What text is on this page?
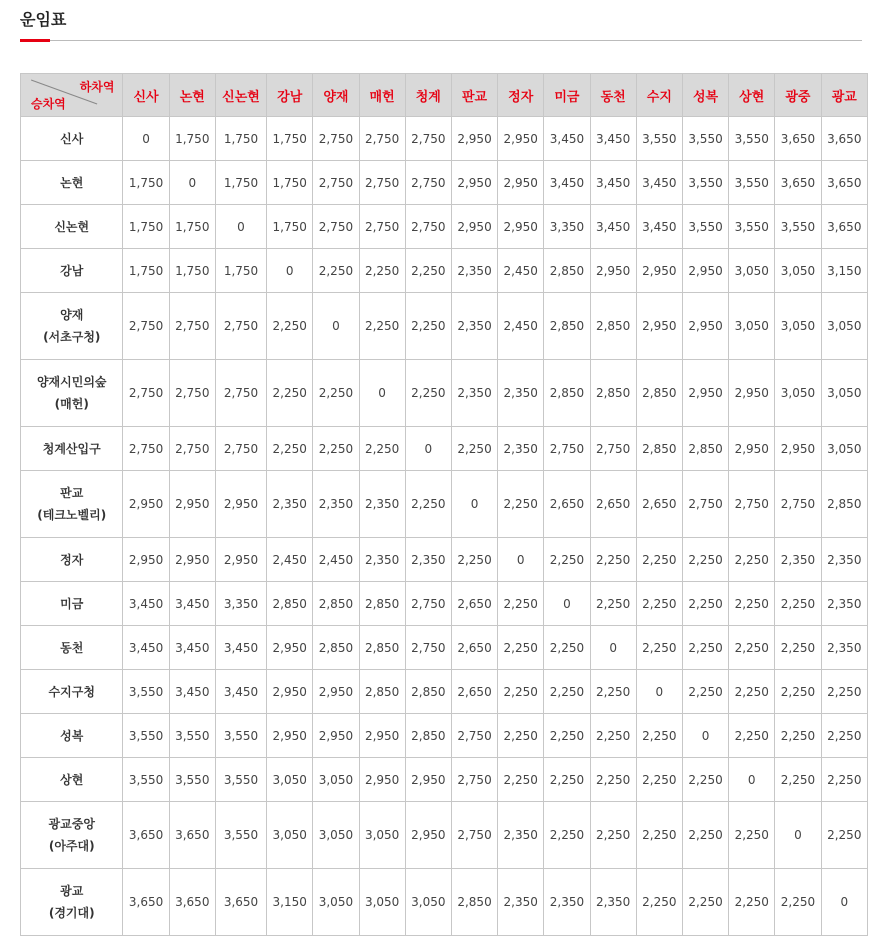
운임표
하차역
승차역	신사	논현	신논현	강남	양재	매헌	청계	판교	정자	미금	동천	수지	성복	상현	광중	광교

신사	0	1,750	1,750	1,750	2,750	2,750	2,750	2,950	2,950	3,450	3,450	3,550	3,550	3,550	3,650	3,650

논현	1,750	0	1,750	1,750	2,750	2,750	2,750	2,950	2,950	3,450	3,450	3,450	3,550	3,550	3,650	3,650

신논현	1,750	1,750	0	1,750	2,750	2,750	2,750	2,950	2,950	3,350	3,450	3,450	3,550	3,550	3,550	3,650

강남	1,750	1,750	1,750	0	2,250	2,250	2,250	2,350	2,450	2,850	2,950	2,950	2,950	3,050	3,050	3,150

양재
(서초구청)	2,750	2,750	2,750	2,250	0	2,250	2,250	2,350	2,450	2,850	2,850	2,950	2,950	3,050	3,050	3,050

양재시민의숲
(매헌)	2,750	2,750	2,750	2,250	2,250	0	2,250	2,350	2,350	2,850	2,850	2,850	2,950	2,950	3,050	3,050

청계산입구	2,750	2,750	2,750	2,250	2,250	2,250	0	2,250	2,350	2,750	2,750	2,850	2,850	2,950	2,950	3,050

판교
(테크노벨리)	2,950	2,950	2,950	2,350	2,350	2,350	2,250	0	2,250	2,650	2,650	2,650	2,750	2,750	2,750	2,850

정자	2,950	2,950	2,950	2,450	2,450	2,350	2,350	2,250	0	2,250	2,250	2,250	2,250	2,250	2,350	2,350

미금	3,450	3,450	3,350	2,850	2,850	2,850	2,750	2,650	2,250	0	2,250	2,250	2,250	2,250	2,250	2,350

동천	3,450	3,450	3,450	2,950	2,850	2,850	2,750	2,650	2,250	2,250	0	2,250	2,250	2,250	2,250	2,350

수지구청	3,550	3,450	3,450	2,950	2,950	2,850	2,850	2,650	2,250	2,250	2,250	0	2,250	2,250	2,250	2,250

성복	3,550	3,550	3,550	2,950	2,950	2,950	2,850	2,750	2,250	2,250	2,250	2,250	0	2,250	2,250	2,250

상현	3,550	3,550	3,550	3,050	3,050	2,950	2,950	2,750	2,250	2,250	2,250	2,250	2,250	0	2,250	2,250

광교중앙
(아주대)	3,650	3,650	3,550	3,050	3,050	3,050	2,950	2,750	2,350	2,250	2,250	2,250	2,250	2,250	0	2,250

광교
(경기대)	3,650	3,650	3,650	3,150	3,050	3,050	3,050	2,850	2,350	2,350	2,350	2,250	2,250	2,250	2,250	0
